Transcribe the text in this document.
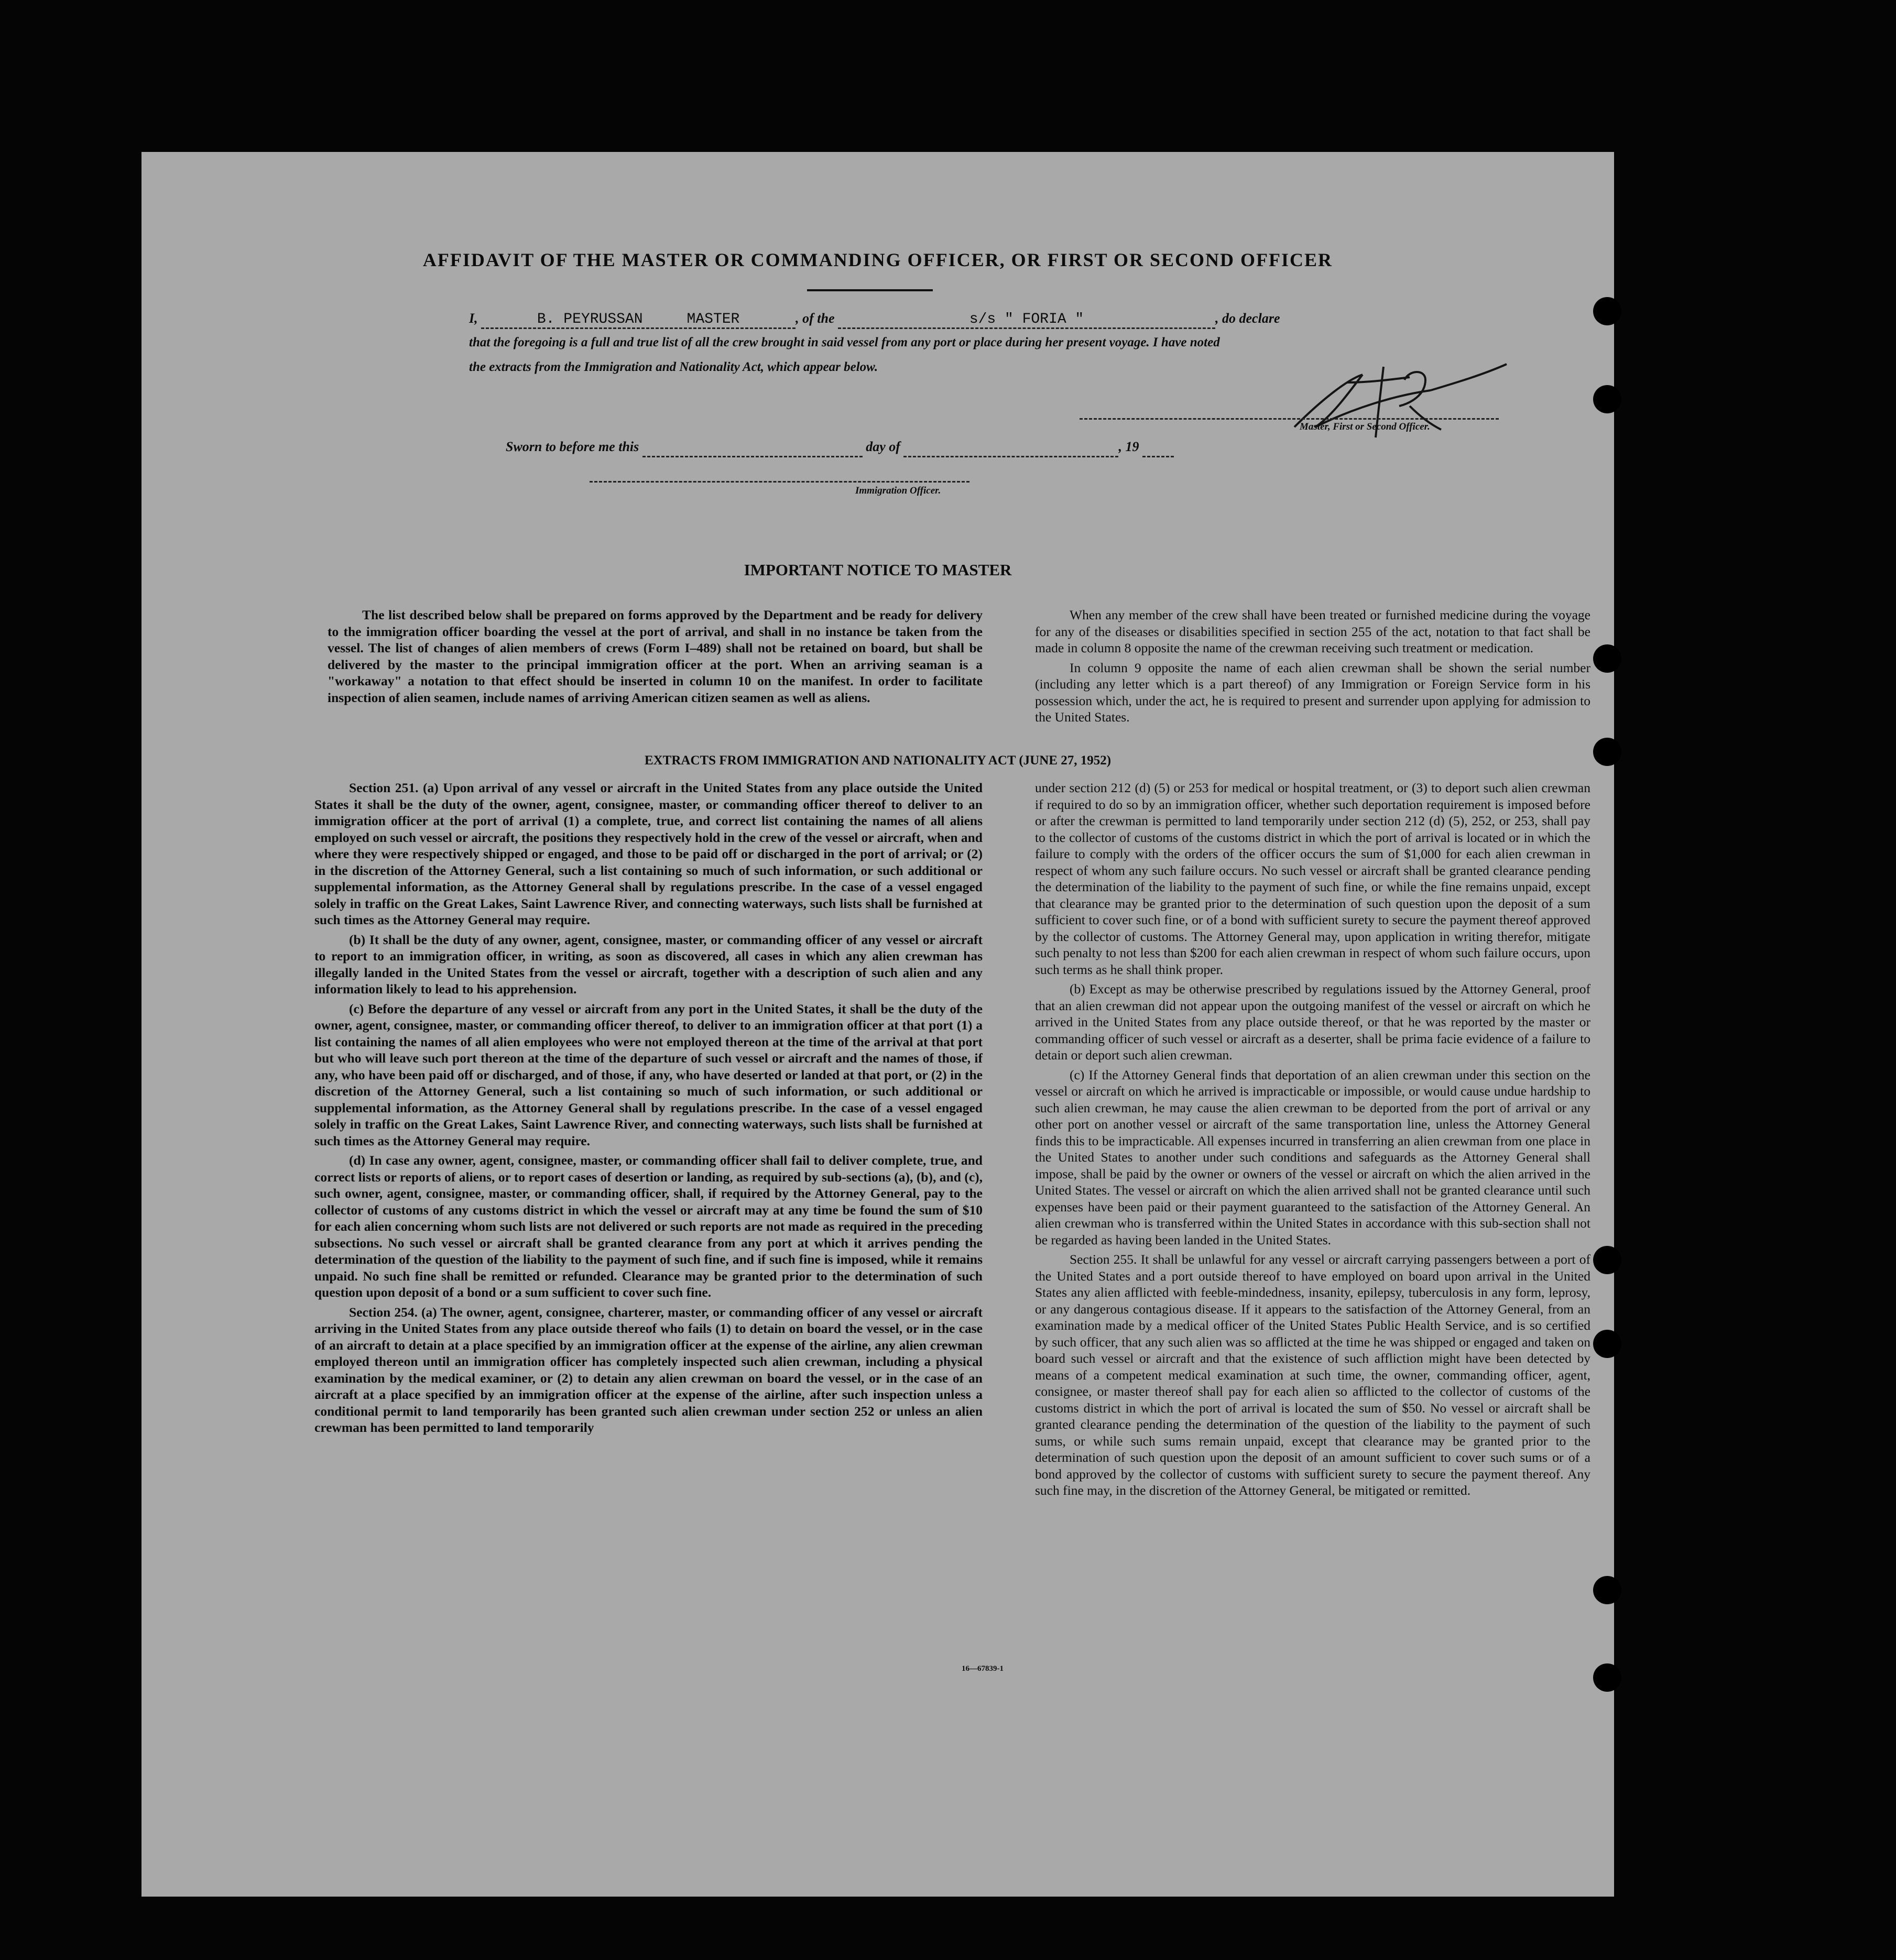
AFFIDAVIT OF THE MASTER OR COMMANDING OFFICER, OR FIRST OR SECOND OFFICER
I,	B. PEYRUSSAN	MASTER	, of the	s/s " FORIA "	, do declare
that the foregoing is a full and true list of all the crew brought in said vessel from any port or place during her present voyage. I have noted
the extracts from the Immigration and Nationality Act, which appear below.
Master, First or Second Officer.
Sworn to before me this	day of	, 19
Immigration Officer.
IMPORTANT NOTICE TO MASTER

The list described below shall be prepared on forms approved by the Department and be ready for delivery to the immigration officer boarding the vessel at the port of arrival, and shall in no instance be taken from the vessel. The list of changes of alien members of crews (Form I–489) shall not be retained on board, but shall be delivered by the master to the principal immigration officer at the port. When an arriving seaman is a "workaway" a notation to that effect should be inserted in column 10 on the manifest. In order to facilitate inspection of alien seamen, include names of arriving American citizen seamen as well as aliens.

When any member of the crew shall have been treated or furnished medicine during the voyage for any of the diseases or disabilities specified in section 255 of the act, notation to that fact shall be made in column 8 opposite the name of the crewman receiving such treatment or medication.

In column 9 opposite the name of each alien crewman shall be shown the serial number (including any letter which is a part thereof) of any Immigration or Foreign Service form in his possession which, under the act, he is required to present and surrender upon applying for admission to the United States.

EXTRACTS FROM IMMIGRATION AND NATIONALITY ACT (JUNE 27, 1952)

Section 251. (a) Upon arrival of any vessel or aircraft in the United States from any place outside the United States it shall be the duty of the owner, agent, consignee, master, or commanding officer thereof to deliver to an immigration officer at the port of arrival (1) a complete, true, and correct list containing the names of all aliens employed on such vessel or aircraft, the positions they respectively hold in the crew of the vessel or aircraft, when and where they were respectively shipped or engaged, and those to be paid off or discharged in the port of arrival; or (2) in the discretion of the Attorney General, such a list containing so much of such information, or such additional or supplemental information, as the Attorney General shall by regulations prescribe. In the case of a vessel engaged solely in traffic on the Great Lakes, Saint Lawrence River, and connecting waterways, such lists shall be furnished at such times as the Attorney General may require.

(b) It shall be the duty of any owner, agent, consignee, master, or commanding officer of any vessel or aircraft to report to an immigration officer, in writing, as soon as discovered, all cases in which any alien crewman has illegally landed in the United States from the vessel or aircraft, together with a description of such alien and any information likely to lead to his apprehension.

(c) Before the departure of any vessel or aircraft from any port in the United States, it shall be the duty of the owner, agent, consignee, master, or commanding officer thereof, to deliver to an immigration officer at that port (1) a list containing the names of all alien employees who were not employed thereon at the time of the arrival at that port but who will leave such port thereon at the time of the departure of such vessel or aircraft and the names of those, if any, who have been paid off or discharged, and of those, if any, who have deserted or landed at that port, or (2) in the discretion of the Attorney General, such a list containing so much of such information, or such additional or supplemental information, as the Attorney General shall by regulations prescribe. In the case of a vessel engaged solely in traffic on the Great Lakes, Saint Lawrence River, and connecting waterways, such lists shall be furnished at such times as the Attorney General may require.

(d) In case any owner, agent, consignee, master, or commanding officer shall fail to deliver complete, true, and correct lists or reports of aliens, or to report cases of desertion or landing, as required by sub-sections (a), (b), and (c), such owner, agent, consignee, master, or commanding officer, shall, if required by the Attorney General, pay to the collector of customs of any customs district in which the vessel or aircraft may at any time be found the sum of $10 for each alien concerning whom such lists are not delivered or such reports are not made as required in the preceding subsections. No such vessel or aircraft shall be granted clearance from any port at which it arrives pending the determination of the question of the liability to the payment of such fine, and if such fine is imposed, while it remains unpaid. No such fine shall be remitted or refunded. Clearance may be granted prior to the determination of such question upon deposit of a bond or a sum sufficient to cover such fine.

Section 254. (a) The owner, agent, consignee, charterer, master, or commanding officer of any vessel or aircraft arriving in the United States from any place outside thereof who fails (1) to detain on board the vessel, or in the case of an aircraft to detain at a place specified by an immigration officer at the expense of the airline, any alien crewman employed thereon until an immigration officer has completely inspected such alien crewman, including a physical examination by the medical examiner, or (2) to detain any alien crewman on board the vessel, or in the case of an aircraft at a place specified by an immigration officer at the expense of the airline, after such inspection unless a conditional permit to land temporarily has been granted such alien crewman under section 252 or unless an alien crewman has been permitted to land temporarily

under section 212 (d) (5) or 253 for medical or hospital treatment, or (3) to deport such alien crewman if required to do so by an immigration officer, whether such deportation requirement is imposed before or after the crewman is permitted to land temporarily under section 212 (d) (5), 252, or 253, shall pay to the collector of customs of the customs district in which the port of arrival is located or in which the failure to comply with the orders of the officer occurs the sum of $1,000 for each alien crewman in respect of whom any such failure occurs. No such vessel or aircraft shall be granted clearance pending the determination of the liability to the payment of such fine, or while the fine remains unpaid, except that clearance may be granted prior to the determination of such question upon the deposit of a sum sufficient to cover such fine, or of a bond with sufficient surety to secure the payment thereof approved by the collector of customs. The Attorney General may, upon application in writing therefor, mitigate such penalty to not less than $200 for each alien crewman in respect of whom such failure occurs, upon such terms as he shall think proper.

(b) Except as may be otherwise prescribed by regulations issued by the Attorney General, proof that an alien crewman did not appear upon the outgoing manifest of the vessel or aircraft on which he arrived in the United States from any place outside thereof, or that he was reported by the master or commanding officer of such vessel or aircraft as a deserter, shall be prima facie evidence of a failure to detain or deport such alien crewman.

(c) If the Attorney General finds that deportation of an alien crewman under this section on the vessel or aircraft on which he arrived is impracticable or impossible, or would cause undue hardship to such alien crewman, he may cause the alien crewman to be deported from the port of arrival or any other port on another vessel or aircraft of the same transportation line, unless the Attorney General finds this to be impracticable. All expenses incurred in transferring an alien crewman from one place in the United States to another under such conditions and safeguards as the Attorney General shall impose, shall be paid by the owner or owners of the vessel or aircraft on which the alien arrived in the United States. The vessel or aircraft on which the alien arrived shall not be granted clearance until such expenses have been paid or their payment guaranteed to the satisfaction of the Attorney General. An alien crewman who is transferred within the United States in accordance with this sub-section shall not be regarded as having been landed in the United States.

Section 255. It shall be unlawful for any vessel or aircraft carrying passengers between a port of the United States and a port outside thereof to have employed on board upon arrival in the United States any alien afflicted with feeble-mindedness, insanity, epilepsy, tuberculosis in any form, leprosy, or any dangerous contagious disease. If it appears to the satisfaction of the Attorney General, from an examination made by a medical officer of the United States Public Health Service, and is so certified by such officer, that any such alien was so afflicted at the time he was shipped or engaged and taken on board such vessel or aircraft and that the existence of such affliction might have been detected by means of a competent medical examination at such time, the owner, commanding officer, agent, consignee, or master thereof shall pay for each alien so afflicted to the collector of customs of the customs district in which the port of arrival is located the sum of $50. No vessel or aircraft shall be granted clearance pending the determination of the question of the liability to the payment of such sums, or while such sums remain unpaid, except that clearance may be granted prior to the determination of such question upon the deposit of an amount sufficient to cover such sums or of a bond approved by the collector of customs with sufficient surety to secure the payment thereof. Any such fine may, in the discretion of the Attorney General, be mitigated or remitted.

16—67839-1
